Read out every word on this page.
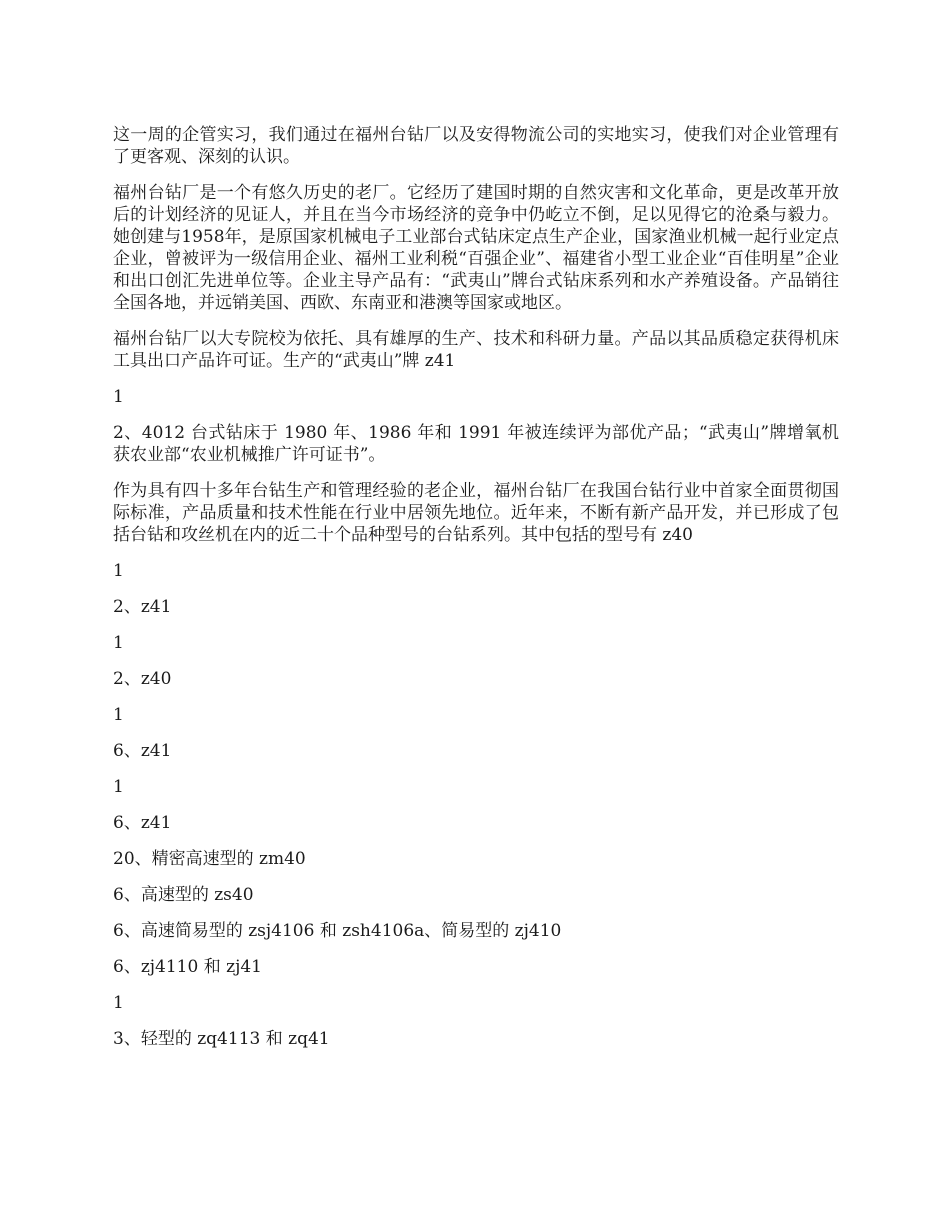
这一周的企管实习，我们通过在福州台钻厂以及安得物流公司的实地实习，使我们对企业管理有了更客观、深刻的认识。

福州台钻厂是一个有悠久历史的老厂。它经历了建国时期的自然灾害和文化革命，更是改革开放后的计划经济的见证人，并且在当今市场经济的竞争中仍屹立不倒，足以见得它的沧桑与毅力。她创建与1958年，是原国家机械电子工业部台式钻床定点生产企业，国家渔业机械一起行业定点企业，曾被评为一级信用企业、福州工业利税“百强企业”、福建省小型工业企业“百佳明星”企业和出口创汇先进单位等。企业主导产品有：“武夷山”牌台式钻床系列和水产养殖设备。产品销往全国各地，并远销美国、西欧、东南亚和港澳等国家或地区。

福州台钻厂以大专院校为依托、具有雄厚的生产、技术和科研力量。产品以其品质稳定获得机床工具出口产品许可证。生产的“武夷山”牌 z41

1

2、4012 台式钻床于 1980 年、1986 年和 1991 年被连续评为部优产品；“武夷山”牌增氧机获农业部“农业机械推广许可证书”。

作为具有四十多年台钻生产和管理经验的老企业，福州台钻厂在我国台钻行业中首家全面贯彻国际标准，产品质量和技术性能在行业中居领先地位。近年来，不断有新产品开发，并已形成了包括台钻和攻丝机在内的近二十个品种型号的台钻系列。其中包括的型号有 z40

1

2、z41

1

2、z40

1

6、z41

1

6、z41

20、精密高速型的 zm40

6、高速型的 zs40

6、高速简易型的 zsj4106 和 zsh4106a、简易型的 zj410

6、zj4110 和 zj41

1

3、轻型的 zq4113 和 zq41
